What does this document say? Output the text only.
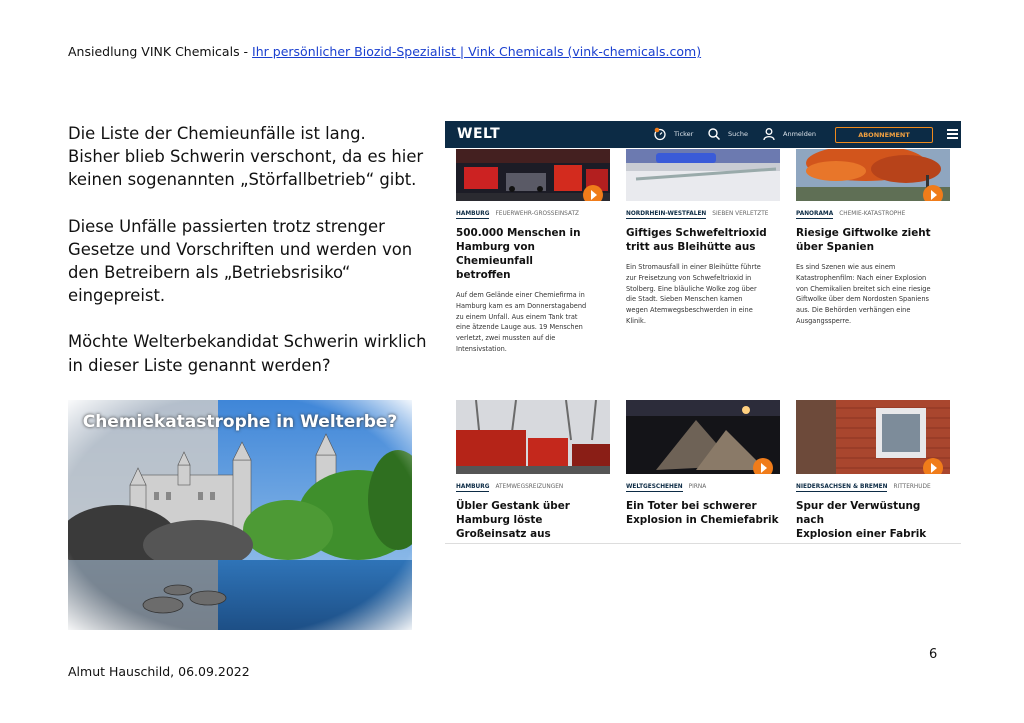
Ansiedlung VINK Chemicals - Ihr persönlicher Biozid-Spezialist | Vink Chemicals (vink-chemicals.com)

Die Liste der Chemieunfälle ist lang.
Bisher blieb Schwerin verschont, da es hier
keinen sogenannten „Störfallbetrieb“ gibt.

Diese Unfälle passierten trotz strenger
Gesetze und Vorschriften und werden von
den Betreibern als „Betriebsrisiko“
eingepreist.

Möchte Welterbekandidat Schwerin wirklich
in dieser Liste genannt werden?

Chemiekatastrophe in Welterbe?
WELT	Ticker	Suche	Anmelden	ABONNEMENT
HAMBURG FEUERWEHR-GROSSEINSATZ
500.000 Menschen in
Hamburg von Chemieunfall
betroffen
Auf dem Gelände einer Chemiefirma in
Hamburg kam es am Donnerstagabend
zu einem Unfall. Aus einem Tank trat
eine ätzende Lauge aus. 19 Menschen
verletzt, zwei mussten auf die
Intensivstation.
NORDRHEIN-WESTFALEN SIEBEN VERLETZTE
Giftiges Schwefeltrioxid
tritt aus Bleihütte aus
Ein Stromausfall in einer Bleihütte führte
zur Freisetzung von Schwefeltrioxid in
Stolberg. Eine bläuliche Wolke zog über
die Stadt. Sieben Menschen kamen
wegen Atemwegsbeschwerden in eine
Klinik.
PANORAMA CHEMIE-KATASTROPHE
Riesige Giftwolke zieht
über Spanien
Es sind Szenen wie aus einem
Katastrophenfilm: Nach einer Explosion
von Chemikalien breitet sich eine riesige
Giftwolke über dem Nordosten Spaniens
aus. Die Behörden verhängen eine
Ausgangssperre.
HAMBURG ATEMWEGSREIZUNGEN
Übler Gestank über
Hamburg löste
Großeinsatz aus
WELTGESCHEHEN PIRNA
Ein Toter bei schwerer
Explosion in Chemiefabrik
NIEDERSACHSEN & BREMEN RITTERHUDE
Spur der Verwüstung nach
Explosion einer Fabrik
6
Almut Hauschild, 06.09.2022
